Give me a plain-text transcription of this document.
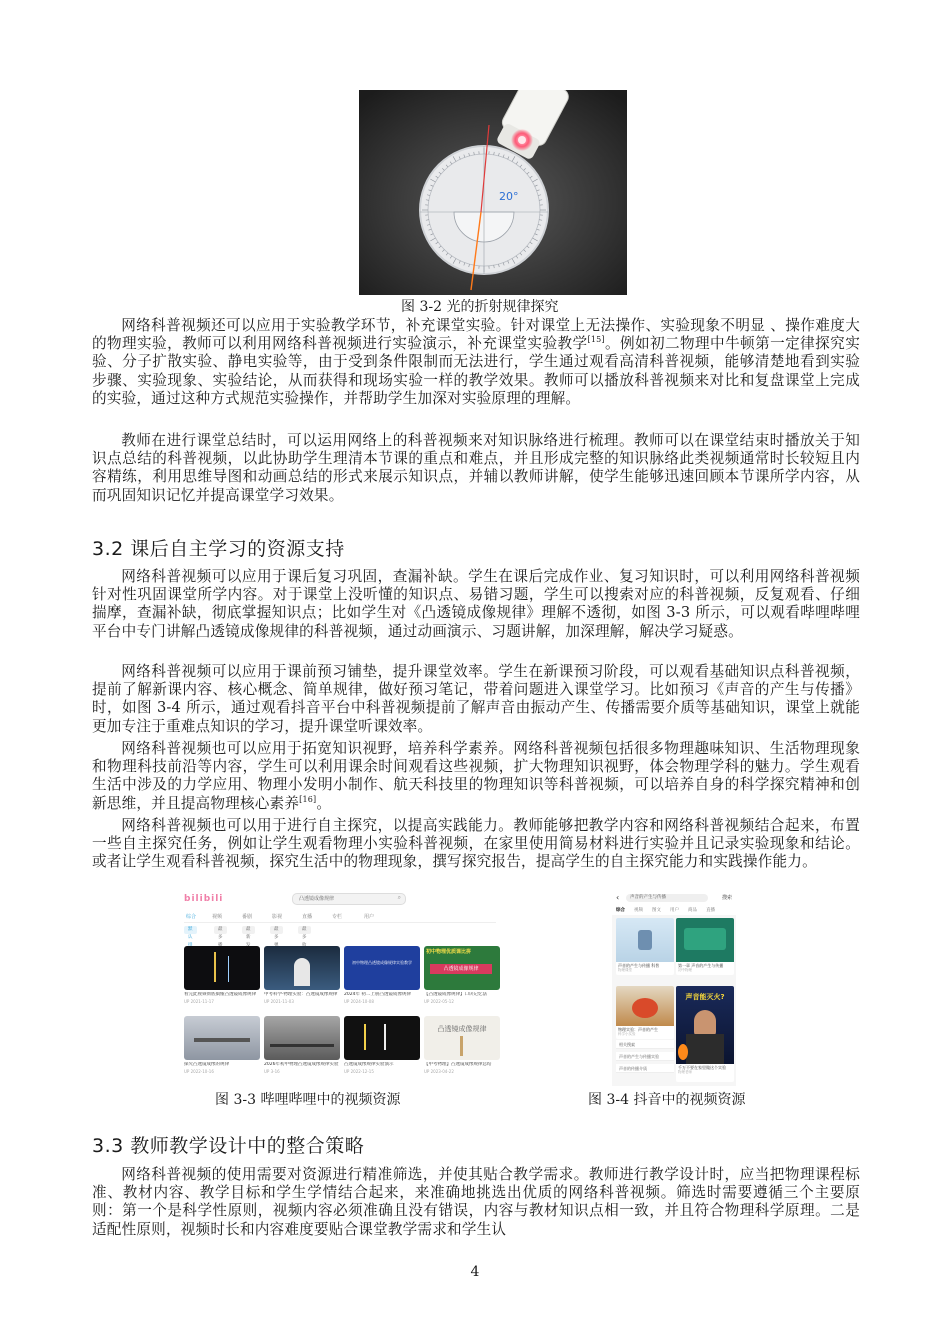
20°

图 3-2 光的折射规律探究

网络科普视频还可以应用于实验教学环节，补充课堂实验。针对课堂上无法操作、实验现象不明显 、操作难度大的物理实验，教师可以利用网络科普视频进行实验演示，补充课堂实验教学[15]。例如初二物理中牛顿第一定律探究实验、分子扩散实验、静电实验等，由于受到条件限制而无法进行，学生通过观看高清科普视频，能够清楚地看到实验步骤、实验现象、实验结论，从而获得和现场实验一样的教学效果。教师可以播放科普视频来对比和复盘课堂上完成的实验，通过这种方式规范实验操作，并帮助学生加深对实验原理的理解。

教师在进行课堂总结时，可以运用网络上的科普视频来对知识脉络进行梳理。教师可以在课堂结束时播放关于知识点总结的科普视频，以此协助学生理清本节课的重点和难点，并且形成完整的知识脉络此类视频通常时长较短且内容精练，利用思维导图和动画总结的形式来展示知识点，并辅以教师讲解，使学生能够迅速回顾本节课所学内容，从而巩固知识记忆并提高课堂学习效果。

3.2 课后自主学习的资源支持

网络科普视频可以应用于课后复习巩固，查漏补缺。学生在课后完成作业、复习知识时，可以利用网络科普视频针对性巩固课堂所学内容。对于课堂上没听懂的知识点、易错习题，学生可以搜索对应的科普视频，反复观看、仔细揣摩，查漏补缺，彻底掌握知识点；比如学生对《凸透镜成像规律》理解不透彻，如图 3-3 所示，可以观看哔哩哔哩平台中专门讲解凸透镜成像规律的科普视频，通过动画演示、习题讲解，加深理解，解决学习疑惑。

网络科普视频可以应用于课前预习铺垫，提升课堂效率。学生在新课预习阶段，可以观看基础知识点科普视频，提前了解新课内容、核心概念、简单规律，做好预习笔记，带着问题进入课堂学习。比如预习《声音的产生与传播》时，如图 3-4 所示，通过观看抖音平台中科普视频提前了解声音由振动产生、传播需要介质等基础知识，课堂上就能更加专注于重难点知识的学习，提升课堂听课效率。

网络科普视频也可以应用于拓宽知识视野，培养科学素养。网络科普视频包括很多物理趣味知识、生活物理现象和物理科技前沿等内容，学生可以利用课余时间观看这些视频，扩大物理知识视野，体会物理学科的魅力。学生观看生活中涉及的力学应用、物理小发明小制作、航天科技里的物理知识等科普视频，可以培养自身的科学探究精神和创新思维，并且提高物理核心素养[16]。

网络科普视频也可以用于进行自主探究，以提高实践能力。教师能够把教学内容和网络科普视频结合起来，布置一些自主探究任务，例如让学生观看物理小实验科普视频，在家里使用简易材料进行实验并且记录实验现象和结论。或者让学生观看科普视频，探究生活中的物理现象，撰写探究报告，提高学生的自主探究能力和实践操作能力。

bilibili	凸透镜成像规律	⌕
综合	视频	番剧	影视	直播	专栏	用户
默认
最多
最新
最多
最多
看完此视频彻底搞懂凸透镜成像规律
UP 2021-11-17
中考科学·物理实验：凸透镜成像规律
UP 2021-11-03
初中物理凸透镜成像规律实验教学
2024年 初二上册凸透镜成像规律
UP 2024-10-08
初中物理优质课比拼
凸透镜成像规律
【凸透镜成像规律】口诀记忆法
UP 2022-05-12
探究凸透镜成像的规律
UP 2022-10-16
2026年初中物理凸透镜成像规律实验
UP 3-16
凸透镜成像规律实验演示
UP 2022-12-15
凸透镜成像规律
【中考物理】凸透镜成像规律总结
UP 2023-04-22

图 3-3 哔哩哔哩中的视频资源

‹ 声音的产生与传播	搜索
综合 视频 图文 用户 商品 直播
声音的产生与传播 科普
物理课堂
第一章 声音的产生与传播
初中物理
物理实验：声音的产生
科学小实验
声音能灭火?
千万不要在家里做这个实验
物理老师
相关搜索
声音的产生与传播实验
声音的传播介质

图 3-4 抖音中的视频资源

3.3 教师教学设计中的整合策略

网络科普视频的使用需要对资源进行精准筛选，并使其贴合教学需求。教师进行教学设计时，应当把物理课程标准、教材内容、教学目标和学生学情结合起来，来准确地挑选出优质的网络科普视频。筛选时需要遵循三个主要原则：第一个是科学性原则，视频内容必须准确且没有错误，内容与教材知识点相一致，并且符合物理科学原理。二是适配性原则，视频时长和内容难度要贴合课堂教学需求和学生认

4
